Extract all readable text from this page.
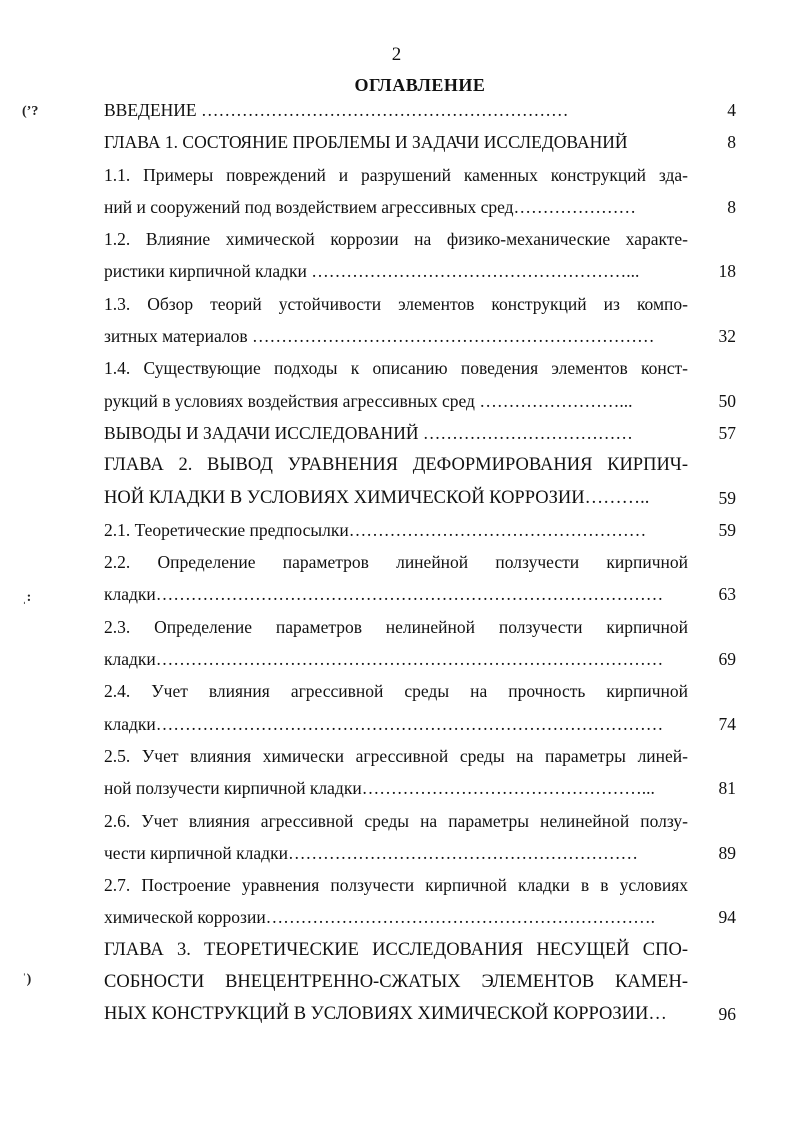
2
ОГЛАВЛЕНИЕ
(ʼ?
ˌ:
ˈ)
ВВЕДЕНИЕ ………………………………………………………	4
ГЛАВА 1. СОСТОЯНИЕ ПРОБЛЕМЫ И ЗАДАЧИ ИССЛЕДОВАНИЙ	8
1.1. Примеры повреждений и разрушений каменных конструкций зда-
ний и сооружений под воздействием агрессивных сред…………………	8
1.2. Влияние химической коррозии на физико-механические характе-
ристики кирпичной кладки ………………………………………………...	18
1.3. Обзор теорий устойчивости элементов конструкций из компо-
зитных материалов ……………………………………………………………	32
1.4. Существующие подходы к описанию поведения элементов конст-
рукций в условиях воздействия агрессивных сред ……………………...	50
ВЫВОДЫ И ЗАДАЧИ ИССЛЕДОВАНИЙ ………………………………	57
ГЛАВА 2. ВЫВОД УРАВНЕНИЯ ДЕФОРМИРОВАНИЯ КИРПИЧ-
НОЙ КЛАДКИ В УСЛОВИЯХ ХИМИЧЕСКОЙ КОРРОЗИИ………..	59
2.1. Теоретические предпосылки……………………………………………	59
2.2. Определение параметров линейной ползучести кирпичной
кладки……………………………………………………………………………	63
2.3. Определение параметров нелинейной ползучести кирпичной
кладки……………………………………………………………………………	69
2.4. Учет влияния агрессивной среды на прочность кирпичной
кладки……………………………………………………………………………	74
2.5. Учет влияния химически агрессивной среды на параметры линей-
ной ползучести кирпичной кладки…………………………………………...	81
2.6. Учет влияния агрессивной среды на параметры нелинейной ползу-
чести кирпичной кладки……………………………………………………	89
2.7. Построение уравнения ползучести кирпичной кладки в в условиях
химической коррозии………………………………………………………….	94
ГЛАВА 3. ТЕОРЕТИЧЕСКИЕ ИССЛЕДОВАНИЯ НЕСУЩЕЙ СПО-
СОБНОСТИ ВНЕЦЕНТРЕННО-СЖАТЫХ ЭЛЕМЕНТОВ КАМЕН-
НЫХ КОНСТРУКЦИЙ В УСЛОВИЯХ ХИМИЧЕСКОЙ КОРРОЗИИ…	96
